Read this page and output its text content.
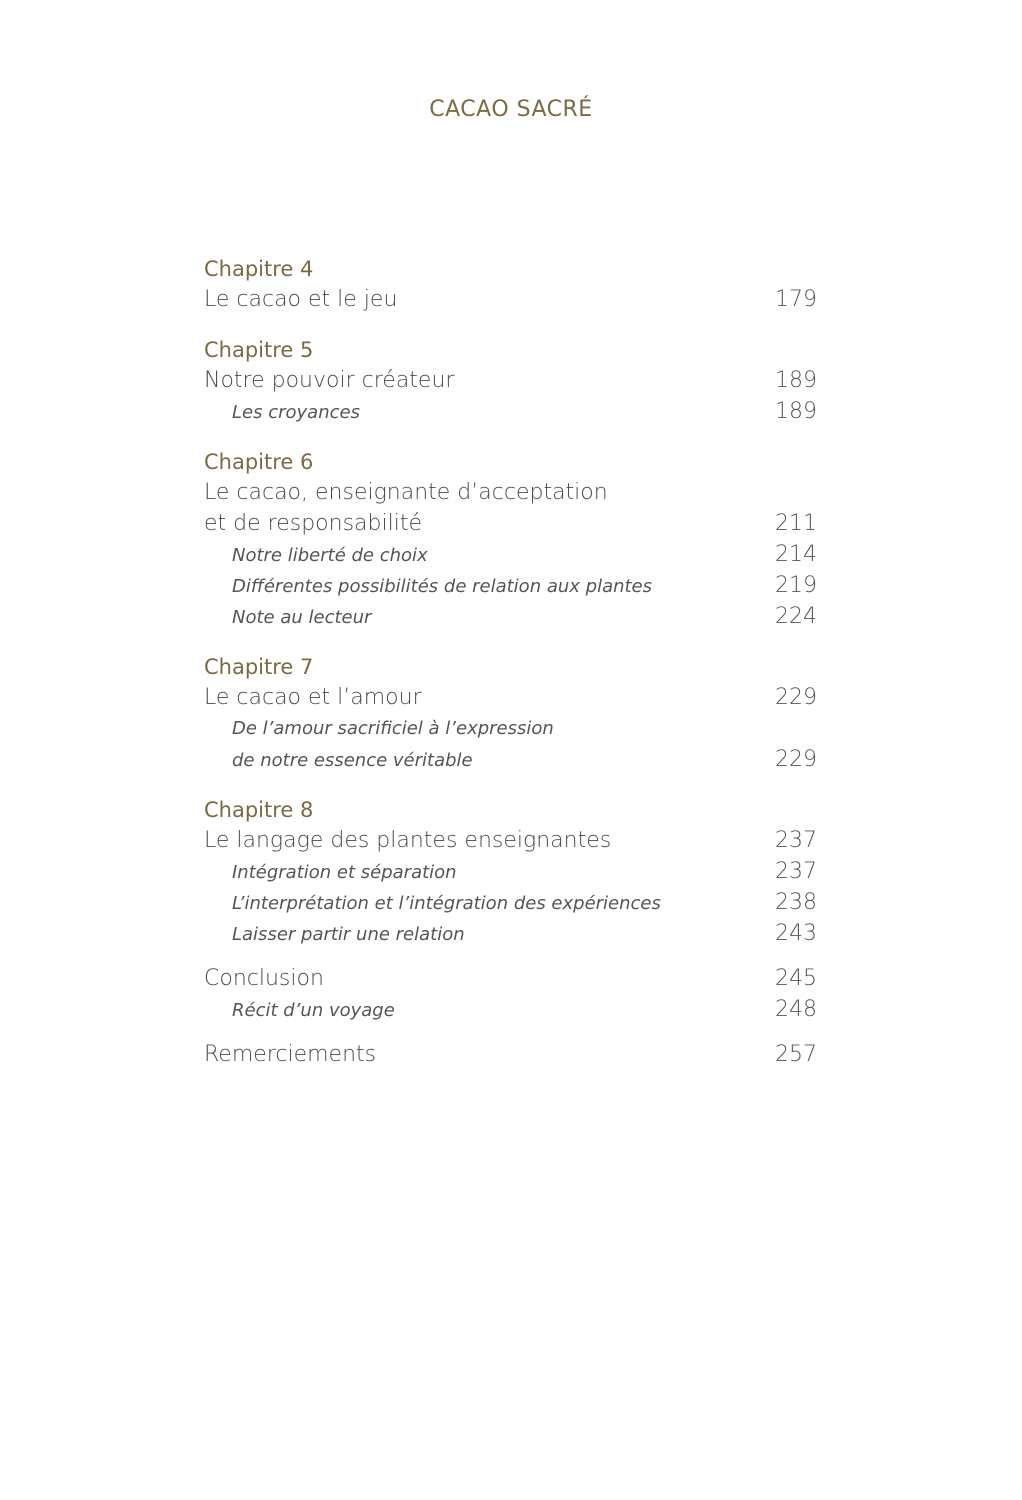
CACAO SACRÉ
Chapitre 4
Le cacao et le jeu	179
Chapitre 5
Notre pouvoir créateur	189
Les croyances	189
Chapitre 6
Le cacao, enseignante d’acceptation
et de responsabilité	211
Notre liberté de choix	214
Différentes possibilités de relation aux plantes	219
Note au lecteur	224
Chapitre 7
Le cacao et l’amour	229
De l’amour sacrificiel à l’expression
de notre essence véritable	229
Chapitre 8
Le langage des plantes enseignantes	237
Intégration et séparation	237
L’interprétation et l’intégration des expériences	238
Laisser partir une relation	243
Conclusion	245
Récit d’un voyage	248
Remerciements	257
